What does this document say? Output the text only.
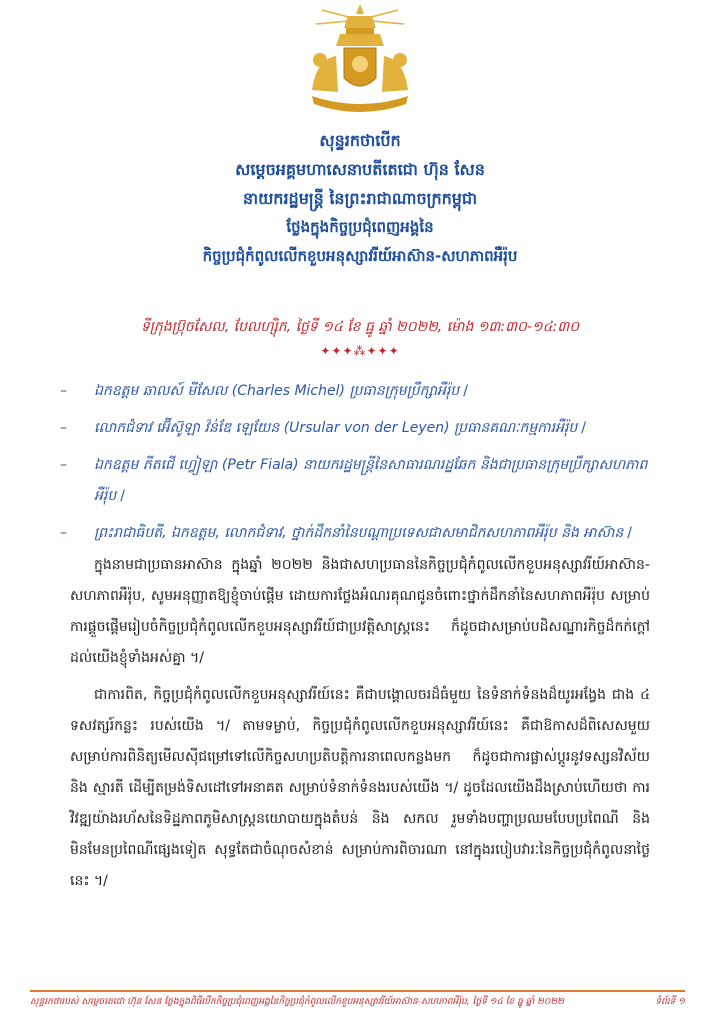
សុន្ទរកថាបើក
សម្តេចអគ្គមហាសេនាបតីតេជោ ហ៊ុន សែន
នាយករដ្ឋមន្ត្រី នៃព្រះរាជាណាចក្រកម្ពុជា
ថ្លែងក្នុងកិច្ចប្រជុំពេញអង្គនៃ
កិច្ចប្រជុំកំពូលលើកខួបអនុស្សាវរីយ៍អាស៊ាន-សហភាពអឺរ៉ុប
ទីក្រុងប្រ៊ុចសែល, បែលហ្ស៊ិក, ថ្ងៃទី ១៤ ខែ ធ្នូ ឆ្នាំ ២០២២, ម៉ោង ១៣:៣០-១៤:៣០
✦✦✦⁂✦✦✦
– ឯកឧត្តម ឆាលស៍ មីសែល (Charles Michel) ប្រធានក្រុមប្រឹក្សាអឺរ៉ុប /
– លោកជំទាវ អ៊ើស៊ូឡា វ៉ន់ឌែ ឡេយែន (Ursular von der Leyen) ប្រធានគណៈកម្មការអឺរ៉ុប /
– ឯកឧត្តម ភីតជើ ហ្វៀឡា (Petr Fiala) នាយករដ្ឋមន្ត្រីនៃសាធារណរដ្ឋឆែក និងជាប្រធានក្រុមប្រឹក្សាសហភាពអឺរ៉ុប /
– ព្រះរាជាធិបតី, ឯកឧត្តម, លោកជំទាវ, ថ្នាក់ដឹកនាំនៃបណ្តាប្រទេសជាសមាជិកសហភាពអឺរ៉ុប និង អាស៊ាន /

ក្នុងនាមជាប្រធានអាស៊ាន ក្នុងឆ្នាំ ២០២២ និងជាសហប្រធាននៃកិច្ចប្រជុំកំពូលលើកខួបអនុស្សាវរីយ៍អាស៊ាន-សហភាពអឺរ៉ុប, សូមអនុញ្ញាតឱ្យខ្ញុំចាប់ផ្តើម ដោយការថ្លែងអំណរគុណជូនចំពោះថ្នាក់ដឹកនាំនៃសហភាពអឺរ៉ុប សម្រាប់ការផ្តួចផ្តើមរៀបចំកិច្ចប្រជុំកំពូលលើកខួបអនុស្សាវរីយ៍ជាប្រវត្តិសាស្ត្រនេះ ក៏ដូចជាសម្រាប់បដិសណ្ឋារកិច្ចដ៏កក់ក្តៅ ដល់យើងខ្ញុំទាំងអស់គ្នា ។/

ជាការពិត, កិច្ចប្រជុំកំពូលលើកខួបអនុស្សាវរីយ៍នេះ គឺជាបង្គោលចរដ៏ធំមួយ នៃទំនាក់ទំនងដ៏យូរអង្វែង ជាង ៤ ទសវត្សរ៍កន្លះ របស់យើង ។/ តាមទម្លាប់, កិច្ចប្រជុំកំពូលលើកខួបអនុស្សាវរីយ៍នេះ គឺជាឱកាសដ៏ពិសេសមួយ សម្រាប់ការពិនិត្យមើលស៊ីជម្រៅទៅលើកិច្ចសហប្រតិបត្តិការនាពេលកន្លងមក ក៏ដូចជាការផ្លាស់ប្តូរនូវទស្សនវិស័យ និង ស្មារតី ដើម្បីតម្រង់ទិសដៅទៅអនាគត សម្រាប់ទំនាក់ទំនងរបស់យើង ។/ ដូចដែលយើងដឹងស្រាប់ហើយថា ការវិវឌ្ឍយ៉ាងរហ័សនៃទិដ្ឋភាពភូមិសាស្ត្រនយោបាយក្នុងតំបន់ និង សកល រួមទាំងបញ្ហាប្រឈមបែបប្រពៃណី និង មិនមែនប្រពៃណីផ្សេងទៀត សុទ្ធតែជាចំណុចសំខាន់ សម្រាប់ការពិចារណា នៅក្នុងរបៀបវារៈនៃកិច្ចប្រជុំកំពូលនាថ្ងៃនេះ ។/

សុន្ទរកថារបស់ សម្តេចតេជោ ហ៊ុន សែន ថ្លែងក្នុងពិធីបើកកិច្ចប្រជុំពេញអង្គនៃកិច្ចប្រជុំកំពូលលើកខួបអនុស្សាវរីយ៍អាស៊ាន-សហភាពអឺរ៉ុប, ថ្ងៃទី ១៤ ខែ ធ្នូ ឆ្នាំ ២០២២	ទំព័រទី ១
